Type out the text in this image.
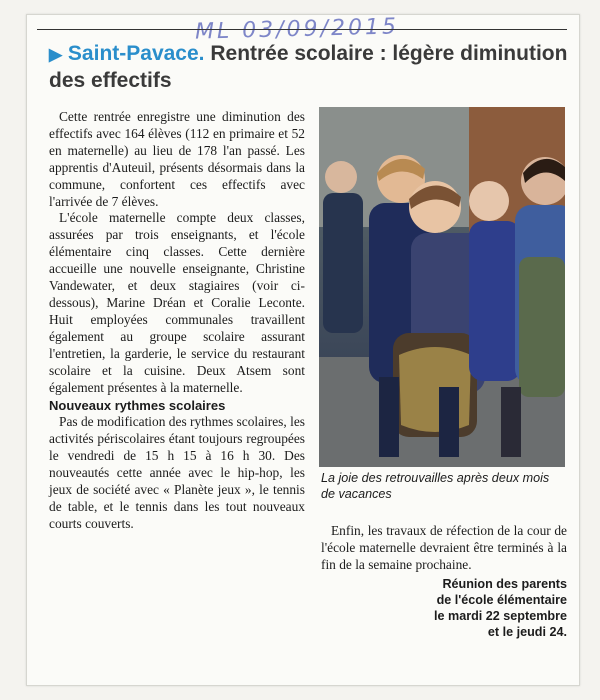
ML 03/09/2015
▶ Saint-Pavace. Rentrée scolaire : légère diminution des effectifs

Cette rentrée enregistre une diminution des effectifs avec 164 élèves (112 en primaire et 52 en maternelle) au lieu de 178 l'an passé. Les apprentis d'Auteuil, présents désormais dans la commune, confortent ces effectifs avec l'arrivée de 7 élèves.

L'école maternelle compte deux classes, assurées par trois enseignants, et l'école élémentaire cinq classes. Cette dernière accueille une nouvelle enseignante, Christine Vandewater, et deux stagiaires (voir ci-dessous), Marine Dréan et Coralie Leconte. Huit employées communales travaillent également au groupe scolaire assurant l'entretien, la garderie, le service du restaurant scolaire et la cuisine. Deux Atsem sont également présentes à la maternelle.

Nouveaux rythmes scolaires

Pas de modification des rythmes scolaires, les activités périscolaires étant toujours regroupées le vendredi de 15 h 15 à 16 h 30. Des nouveautés cette année avec le hip-hop, les jeux de société avec « Planète jeux », le tennis de table, et le tennis dans les tout nouveaux courts couverts.

La joie des retrouvailles après deux mois de vacances

Enfin, les travaux de réfection de la cour de l'école maternelle devraient être terminés à la fin de la semaine prochaine.

Réunion des parents
de l'école élémentaire
le mardi 22 septembre
et le jeudi 24.
